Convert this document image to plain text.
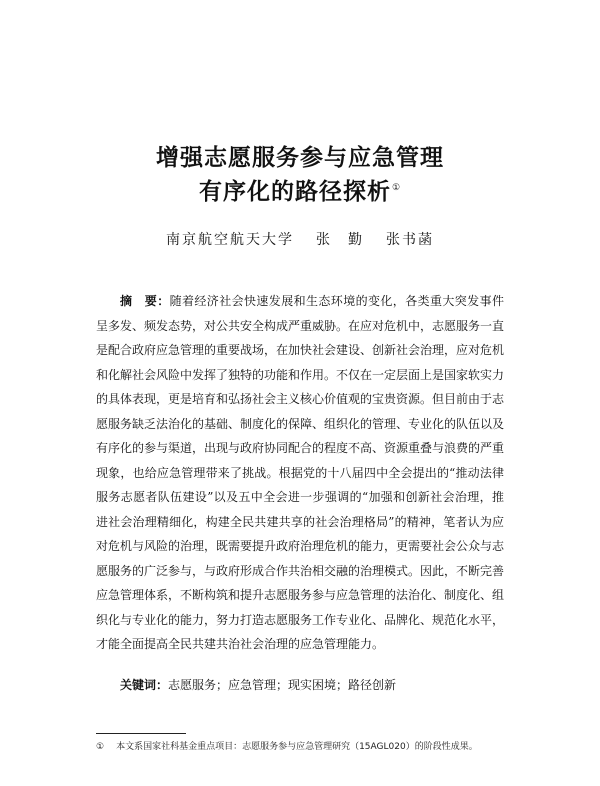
增强志愿服务参与应急管理
有序化的路径探析①
南京航空航天大学 张　勤 张书菡
摘　要：随着经济社会快速发展和生态环境的变化，各类重大突发事件呈多发、频发态势，对公共安全构成严重威胁。在应对危机中，志愿服务一直是配合政府应急管理的重要战场，在加快社会建设、创新社会治理，应对危机和化解社会风险中发挥了独特的功能和作用。不仅在一定层面上是国家软实力的具体表现，更是培育和弘扬社会主义核心价值观的宝贵资源。但目前由于志愿服务缺乏法治化的基础、制度化的保障、组织化的管理、专业化的队伍以及有序化的参与渠道，出现与政府协同配合的程度不高、资源重叠与浪费的严重现象，也给应急管理带来了挑战。根据党的十八届四中全会提出的“推动法律服务志愿者队伍建设”以及五中全会进一步强调的“加强和创新社会治理，推进社会治理精细化，构建全民共建共享的社会治理格局”的精神，笔者认为应对危机与风险的治理，既需要提升政府治理危机的能力，更需要社会公众与志愿服务的广泛参与，与政府形成合作共治相交融的治理模式。因此，不断完善应急管理体系，不断构筑和提升志愿服务参与应急管理的法治化、制度化、组织化与专业化的能力，努力打造志愿服务工作专业化、品牌化、规范化水平，才能全面提高全民共建共治社会治理的应急管理能力。
关键词：志愿服务；应急管理；现实困境；路径创新
① 本文系国家社科基金重点项目：志愿服务参与应急管理研究（15AGL020）的阶段性成果。
